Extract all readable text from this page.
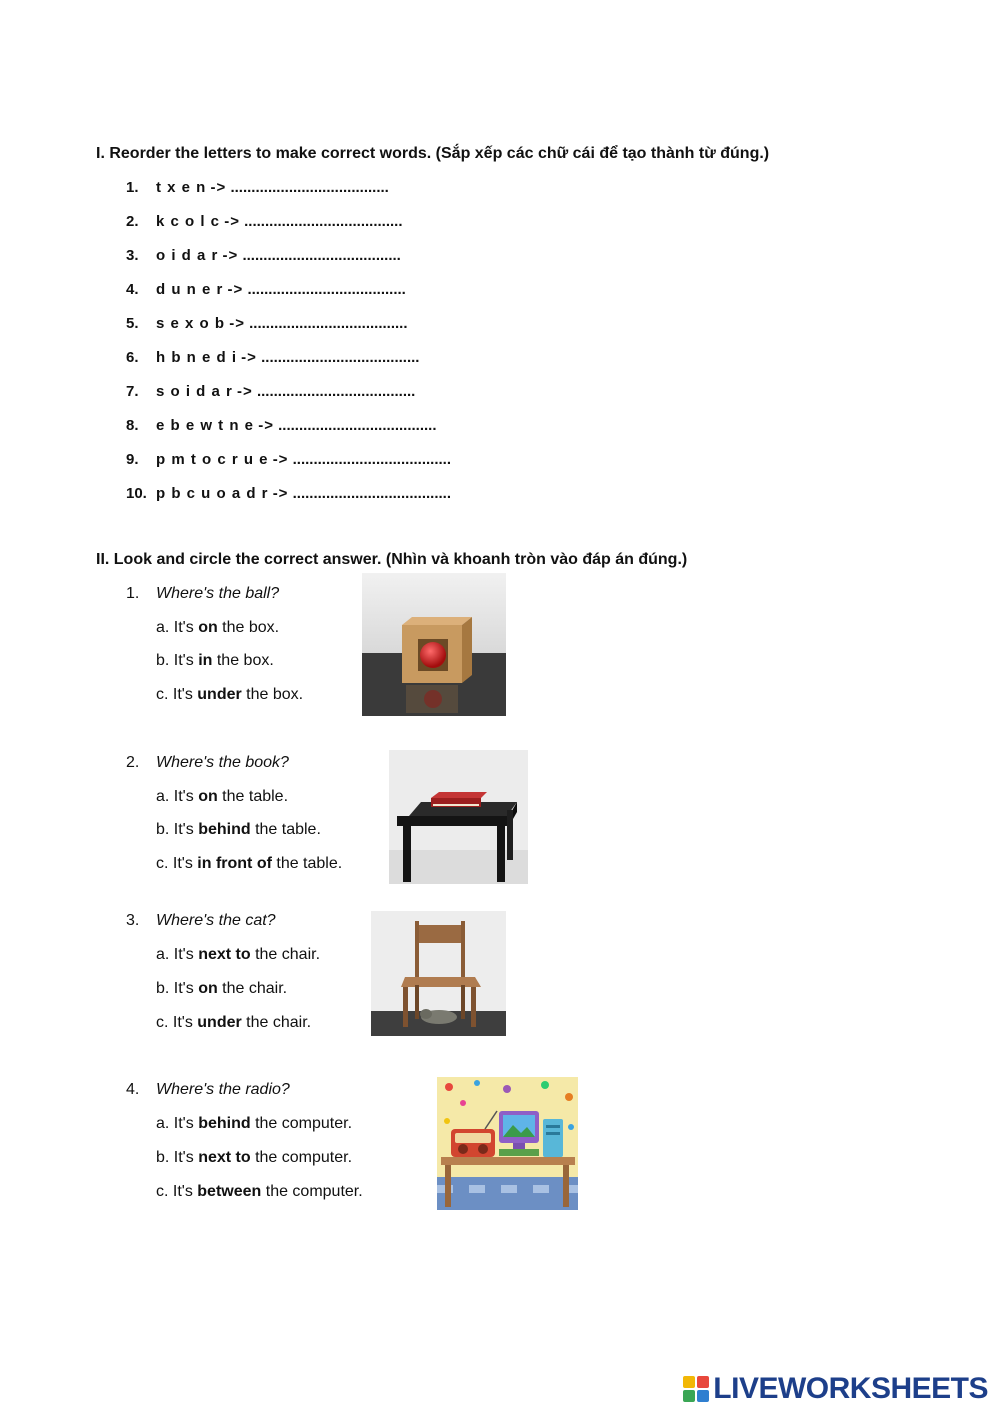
I. Reorder the letters to make correct words. (Sắp xếp các chữ cái để tạo thành từ đúng.)
1. t x e n -> ......................................
2. k c o l c -> ......................................
3. o i d a r -> ......................................
4. d u n e r -> ......................................
5. s e x o b -> ......................................
6. h b n e d i -> ......................................
7. s o i d a r -> ......................................
8. e b e w t n e -> ......................................
9. p m t o c r u e -> ......................................
10. p b c u o a d r -> ......................................
II. Look and circle the correct answer. (Nhìn và khoanh tròn vào đáp án đúng.)
1. Where's the ball?
a. It's on the box.
b. It's in the box.
c. It's under the box.
2. Where's the book?
a. It's on the table.
b. It's behind the table.
c. It's in front of the table.
3. Where's the cat?
a. It's next to the chair.
b. It's on the chair.
c. It's under the chair.
4. Where's the radio?
a. It's behind the computer.
b. It's next to the computer.
c. It's between the computer.
LIVEWORKSHEETS
